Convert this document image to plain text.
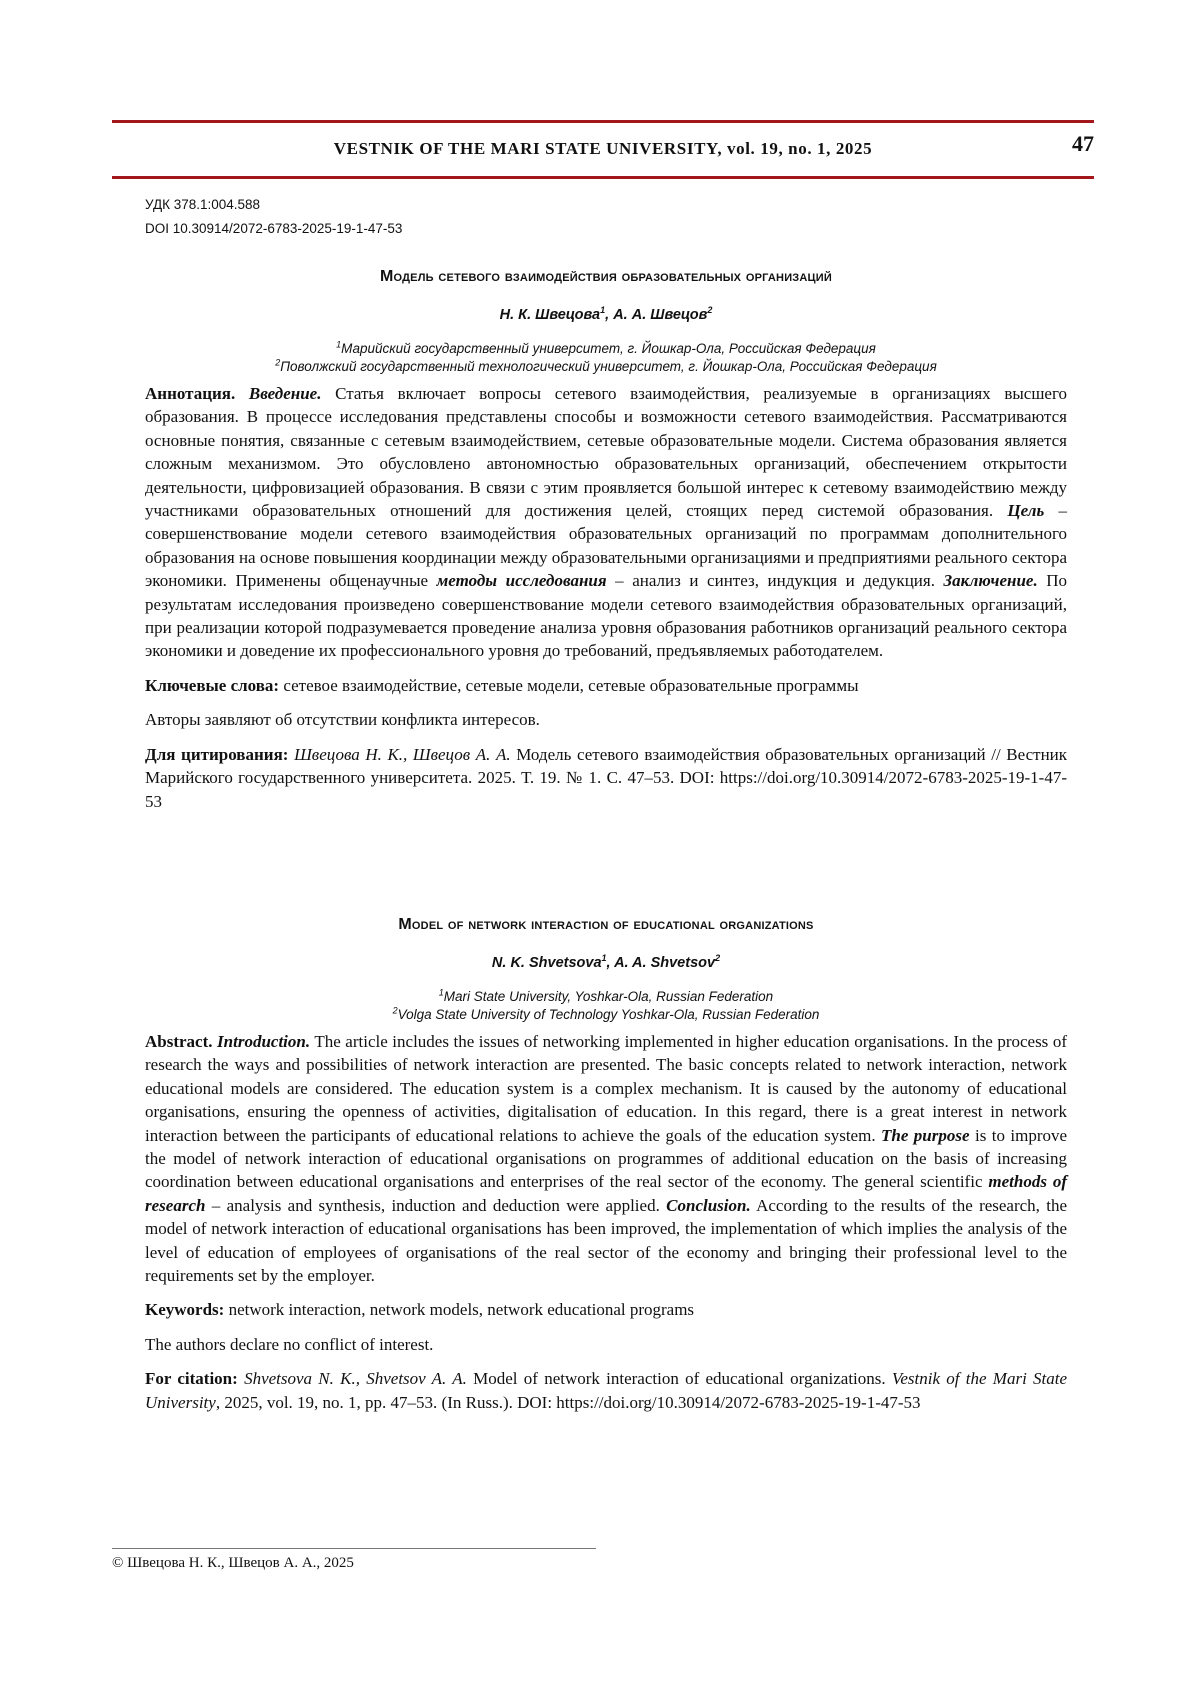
VESTNIK OF THE MARI STATE UNIVERSITY, vol. 19, no. 1, 2025	47
УДК 378.1:004.588
DOI 10.30914/2072-6783-2025-19-1-47-53
Модель сетевого взаимодействия образовательных организаций
Н. К. Швецова$^1$, А. А. Швецов$^2$
$^1$Марийский государственный университет, г. Йошкар-Ола, Российская Федерация
$^2$Поволжский государственный технологический университет, г. Йошкар-Ола, Российская Федерация

Аннотация. Введение. Статья включает вопросы сетевого взаимодействия, реализуемые в организациях высшего образования. В процессе исследования представлены способы и возможности сетевого взаимодействия. Рассматриваются основные понятия, связанные с сетевым взаимодействием, сетевые образовательные модели. Система образования является сложным механизмом. Это обусловлено автономностью образовательных организаций, обеспечением открытости деятельности, цифровизацией образования. В связи с этим проявляется большой интерес к сетевому взаимодействию между участниками образовательных отношений для достижения целей, стоящих перед системой образования. Цель – совершенствование модели сетевого взаимодействия образовательных организаций по программам дополнительного образования на основе повышения координации между образовательными организациями и предприятиями реального сектора экономики. Применены общенаучные методы исследования – анализ и синтез, индукция и дедукция. Заключение. По результатам исследования произведено совершенствование модели сетевого взаимодействия образовательных организаций, при реализации которой подразумевается проведение анализа уровня образования работников организаций реального сектора экономики и доведение их профессионального уровня до требований, предъявляемых работодателем.

Ключевые слова: сетевое взаимодействие, сетевые модели, сетевые образовательные программы

Авторы заявляют об отсутствии конфликта интересов.

Для цитирования: Швецова Н. К., Швецов А. А. Модель сетевого взаимодействия образовательных организаций // Вестник Марийского государственного университета. 2025. Т. 19. № 1. С. 47–53. DOI: https://doi.org/10.30914/2072-6783-2025-19-1-47-53

Model of network interaction of educational organizations
N. K. Shvetsova$^1$, A. A. Shvetsov$^2$
$^1$Mari State University, Yoshkar-Ola, Russian Federation
$^2$Volga State University of Technology Yoshkar-Ola, Russian Federation

Abstract. Introduction. The article includes the issues of networking implemented in higher education organisations. In the process of research the ways and possibilities of network interaction are presented. The basic concepts related to network interaction, network educational models are considered. The education system is a complex mechanism. It is caused by the autonomy of educational organisations, ensuring the openness of activities, digitalisation of education. In this regard, there is a great interest in network interaction between the participants of educational relations to achieve the goals of the education system. The purpose is to improve the model of network interaction of educational organisations on programmes of additional education on the basis of increasing coordination between educational organisations and enterprises of the real sector of the economy. The general scientific methods of research – analysis and synthesis, induction and deduction were applied. Conclusion. According to the results of the research, the model of network interaction of educational organisations has been improved, the implementation of which implies the analysis of the level of education of employees of organisations of the real sector of the economy and bringing their professional level to the requirements set by the employer.

Keywords: network interaction, network models, network educational programs

The authors declare no conflict of interest.

For citation: Shvetsova N. K., Shvetsov A. A. Model of network interaction of educational organizations. Vestnik of the Mari State University, 2025, vol. 19, no. 1, pp. 47–53. (In Russ.). DOI: https://doi.org/10.30914/2072-6783-2025-19-1-47-53

© Швецова Н. К., Швецов А. А., 2025
